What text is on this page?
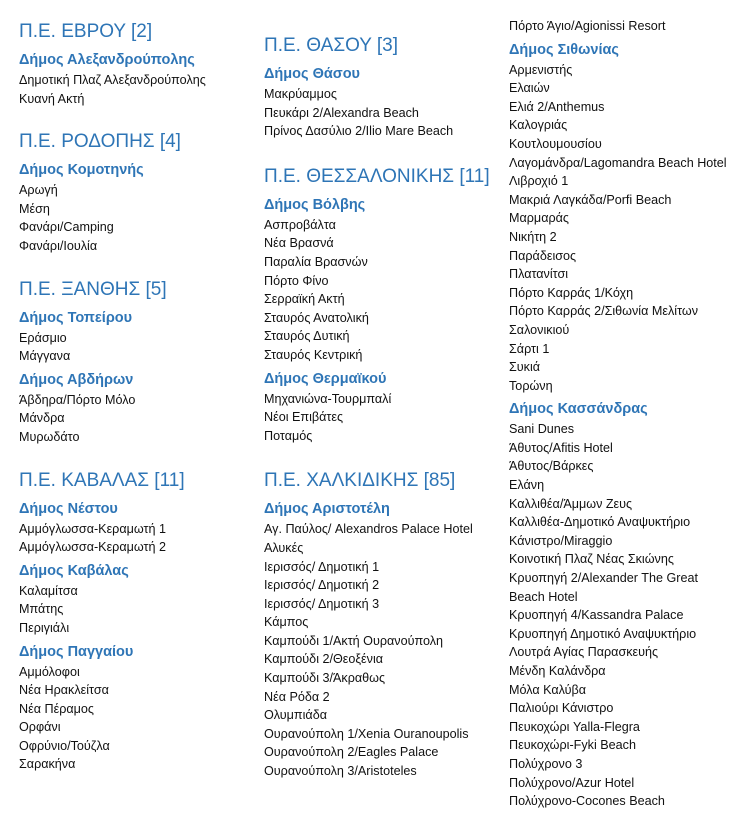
Π.Ε. ΕΒΡΟΥ [2]
Δήμος Αλεξανδρούπολης
Δημοτική Πλαζ Αλεξανδρούπολης
Κυανή Ακτή
Π.Ε. ΡΟΔΟΠΗΣ [4]
Δήμος Κομοτηνής
Αρωγή
Μέση
Φανάρι/Camping
Φανάρι/Ιουλία
Π.Ε. ΞΑΝΘΗΣ [5]
Δήμος Τοπείρου
Εράσμιο
Μάγγανα
Δήμος Αβδήρων
Άβδηρα/Πόρτο Μόλο
Μάνδρα
Μυρωδάτο
Π.Ε. ΚΑΒΑΛΑΣ [11]
Δήμος Νέστου
Αμμόγλωσσα-Κεραμωτή 1
Αμμόγλωσσα-Κεραμωτή 2
Δήμος Καβάλας
Καλαμίτσα
Μπάτης
Περιγιάλι
Δήμος Παγγαίου
Αμμόλοφοι
Νέα Ηρακλείτσα
Νέα Πέραμος
Ορφάνι
Οφρύνιο/Τούζλα
Σαρακήνα
Π.Ε. ΘΑΣΟΥ [3]
Δήμος Θάσου
Μακρύαμμος
Πευκάρι 2/Alexandra Beach
Πρίνος Δασύλιο 2/Ilio Mare Beach
Π.Ε. ΘΕΣΣΑΛΟΝΙΚΗΣ [11]
Δήμος Βόλβης
Ασπροβάλτα
Νέα Βρασνά
Παραλία Βρασνών
Πόρτο Φίνο
Σερραϊκή Ακτή
Σταυρός Ανατολική
Σταυρός Δυτική
Σταυρός Κεντρική
Δήμος Θερμαϊκού
Μηχανιώνα-Τουρμπαλί
Νέοι Επιβάτες
Ποταμός
Π.Ε. ΧΑΛΚΙΔΙΚΗΣ [85]
Δήμος Αριστοτέλη
Αγ. Παύλος/ Alexandros Palace Hotel
Αλυκές
Ιερισσός/ Δημοτική 1
Ιερισσός/ Δημοτική 2
Ιερισσός/ Δημοτική 3
Κάμπος
Καμπούδι 1/Ακτή Ουρανούπολη
Καμπούδι 2/Θεοξένια
Καμπούδι 3/Άκραθως
Νέα Ρόδα 2
Ολυμπιάδα
Ουρανούπολη 1/Xenia Ouranoupolis
Ουρανούπολη 2/Eagles Palace
Ουρανούπολη 3/Aristoteles
Πόρτο Άγιο/Agionissi Resort
Δήμος Σιθωνίας
Αρμενιστής
Ελαιών
Ελιά 2/Anthemus
Καλογριάς
Κουτλουμουσίου
Λαγομάνδρα/Lagomandra Beach Hotel
Λιβροχιό 1
Μακριά Λαγκάδα/Porfi Beach
Μαρμαράς
Νικήτη 2
Παράδεισος
Πλατανίτσι
Πόρτο Καρράς 1/Κόχη
Πόρτο Καρράς 2/Σιθωνία Μελίτων
Σαλονικιού
Σάρτι 1
Συκιά
Τορώνη
Δήμος Κασσάνδρας
Sani Dunes
Άθυτος/Afitis Hotel
Άθυτος/Βάρκες
Ελάνη
Καλλιθέα/Άμμων Ζευς
Καλλιθέα-Δημοτικό Αναψυκτήριο
Κάνιστρο/Miraggio
Κοινοτική Πλαζ Νέας Σκιώνης
Κρυοπηγή 2/Alexander The Great Beach Hotel
Κρυοπηγή 4/Kassandra Palace
Κρυοπηγή Δημοτικό Αναψυκτήριο
Λουτρά Αγίας Παρασκευής
Μένδη Καλάνδρα
Μόλα Καλύβα
Παλιούρι Κάνιστρο
Πευκοχώρι Yalla-Flegra
Πευκοχώρι-Fyki Beach
Πολύχρονο 3
Πολύχρονο/Azur Hotel
Πολύχρονο-Cocones Beach
